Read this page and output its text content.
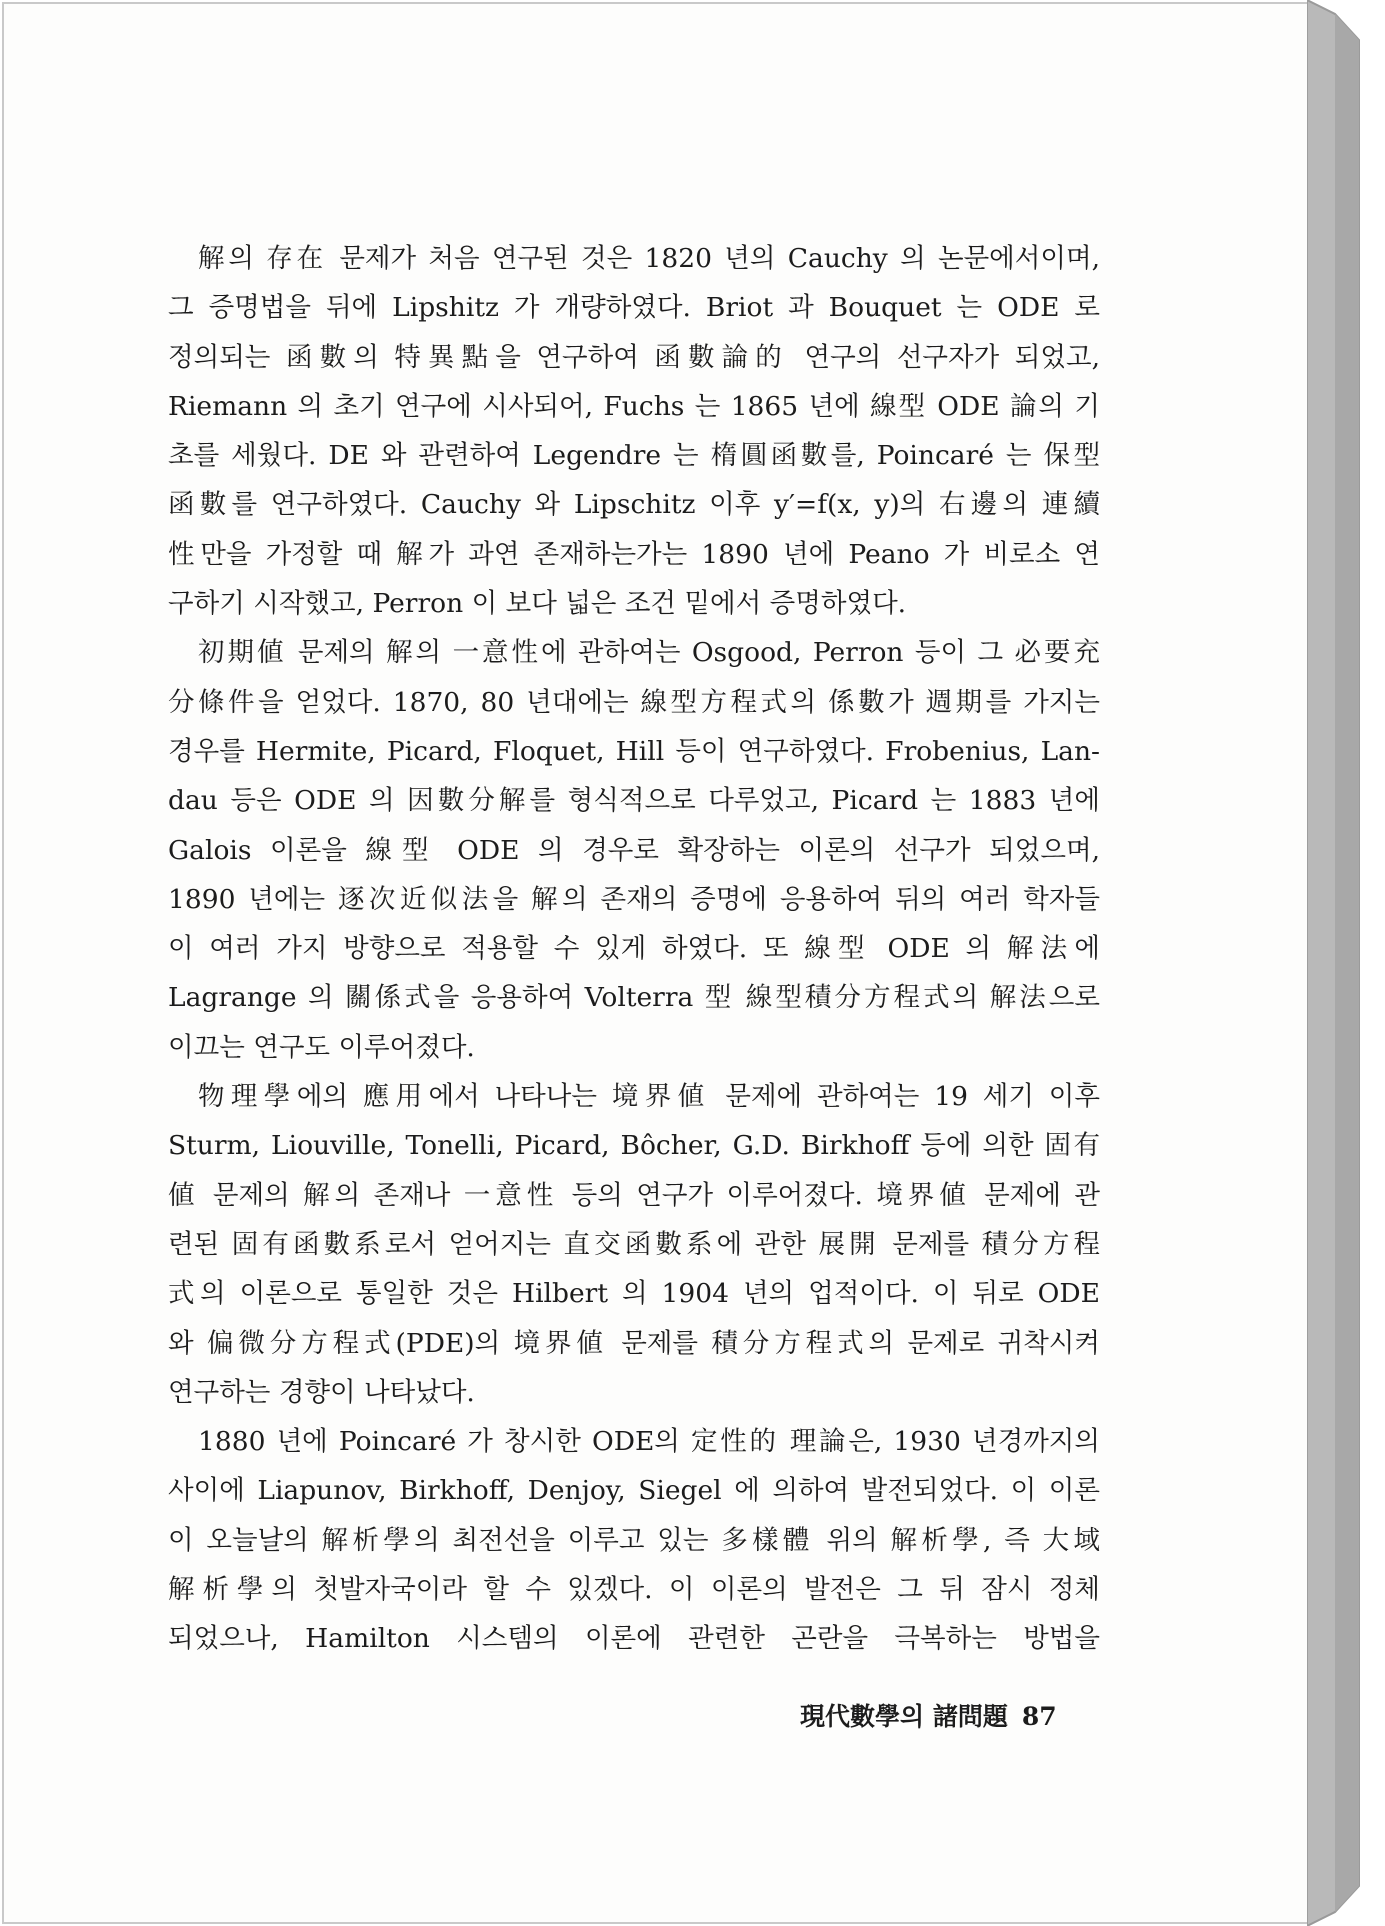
解의 存在 문제가 처음 연구된 것은 1820 년의 Cauchy 의 논문에서이며,
그 증명법을 뒤에 Lipshitz 가 개량하였다. Briot 과 Bouquet 는 ODE 로
정의되는 函數의 特異點을 연구하여 函數論的 연구의 선구자가 되었고,
Riemann 의 초기 연구에 시사되어, Fuchs 는 1865 년에 線型 ODE 論의 기
초를 세웠다. DE 와 관련하여 Legendre 는 楕圓函數를, Poincaré 는 保型
函數를 연구하였다. Cauchy 와 Lipschitz 이후 y′=f(x, y)의 右邊의 連續
性만을 가정할 때 解가 과연 존재하는가는 1890 년에 Peano 가 비로소 연
구하기 시작했고, Perron 이 보다 넓은 조건 밑에서 증명하였다.

初期値 문제의 解의 一意性에 관하여는 Osgood, Perron 등이 그 必要充
分條件을 얻었다. 1870, 80 년대에는 線型方程式의 係數가 週期를 가지는
경우를 Hermite, Picard, Floquet, Hill 등이 연구하였다. Frobenius, Lan-
dau 등은 ODE 의 因數分解를 형식적으로 다루었고, Picard 는 1883 년에
Galois 이론을 線型 ODE 의 경우로 확장하는 이론의 선구가 되었으며,
1890 년에는 逐次近似法을 解의 존재의 증명에 응용하여 뒤의 여러 학자들
이 여러 가지 방향으로 적용할 수 있게 하였다. 또 線型 ODE 의 解法에
Lagrange 의 關係式을 응용하여 Volterra 型 線型積分方程式의 解法으로
이끄는 연구도 이루어졌다.

物理學에의 應用에서 나타나는 境界値 문제에 관하여는 19 세기 이후
Sturm, Liouville, Tonelli, Picard, Bôcher, G.D. Birkhoff 등에 의한 固有
値 문제의 解의 존재나 一意性 등의 연구가 이루어졌다. 境界値 문제에 관
련된 固有函數系로서 얻어지는 直交函數系에 관한 展開 문제를 積分方程
式의 이론으로 통일한 것은 Hilbert 의 1904 년의 업적이다. 이 뒤로 ODE
와 偏微分方程式(PDE)의 境界値 문제를 積分方程式의 문제로 귀착시켜
연구하는 경향이 나타났다.

1880 년에 Poincaré 가 창시한 ODE의 定性的 理論은, 1930 년경까지의
사이에 Liapunov, Birkhoff, Denjoy, Siegel 에 의하여 발전되었다. 이 이론
이 오늘날의 解析學의 최전선을 이루고 있는 多樣體 위의 解析學, 즉 大域
解析學의 첫발자국이라 할 수 있겠다. 이 이론의 발전은 그 뒤 잠시 정체
되었으나, Hamilton 시스템의 이론에 관련한 곤란을 극복하는 방법을

現代數學의 諸問題 87
